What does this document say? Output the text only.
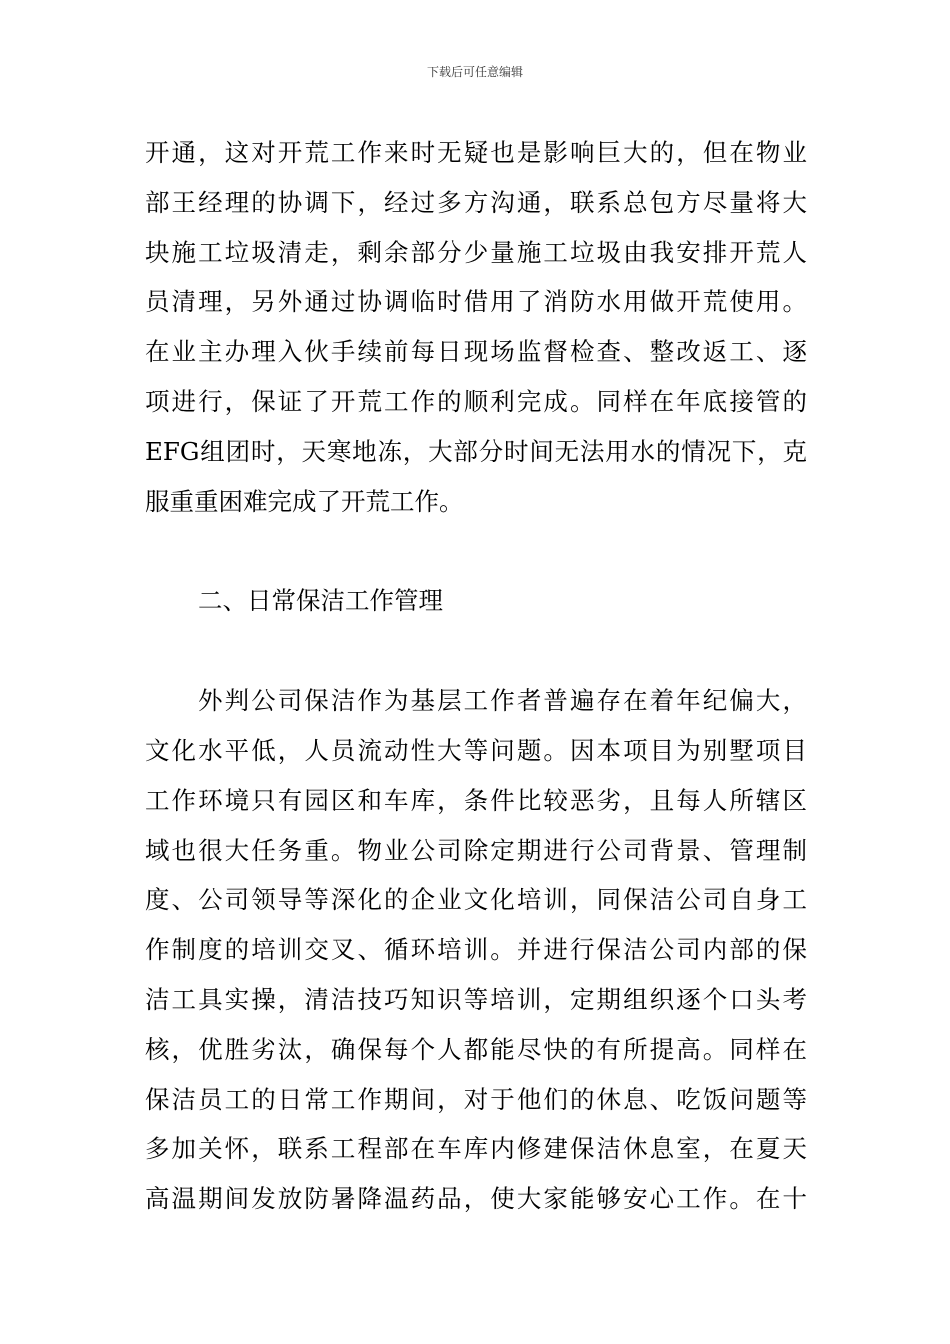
下载后可任意编辑
开通，这对开荒工作来时无疑也是影响巨大的，但在物业
部王经理的协调下，经过多方沟通，联系总包方尽量将大
块施工垃圾清走，剩余部分少量施工垃圾由我安排开荒人
员清理，另外通过协调临时借用了消防水用做开荒使用。
在业主办理入伙手续前每日现场监督检查、整改返工、逐
项进行，保证了开荒工作的顺利完成。同样在年底接管的
EFG组团时，天寒地冻，大部分时间无法用水的情况下，克
服重重困难完成了开荒工作。
二、日常保洁工作管理
外判公司保洁作为基层工作者普遍存在着年纪偏大，
文化水平低，人员流动性大等问题。因本项目为别墅项目
工作环境只有园区和车库，条件比较恶劣，且每人所辖区
域也很大任务重。物业公司除定期进行公司背景、管理制
度、公司领导等深化的企业文化培训，同保洁公司自身工
作制度的培训交叉、循环培训。并进行保洁公司内部的保
洁工具实操，清洁技巧知识等培训，定期组织逐个口头考
核，优胜劣汰，确保每个人都能尽快的有所提高。同样在
保洁员工的日常工作期间，对于他们的休息、吃饭问题等
多加关怀，联系工程部在车库内修建保洁休息室，在夏天
高温期间发放防暑降温药品，使大家能够安心工作。在十
